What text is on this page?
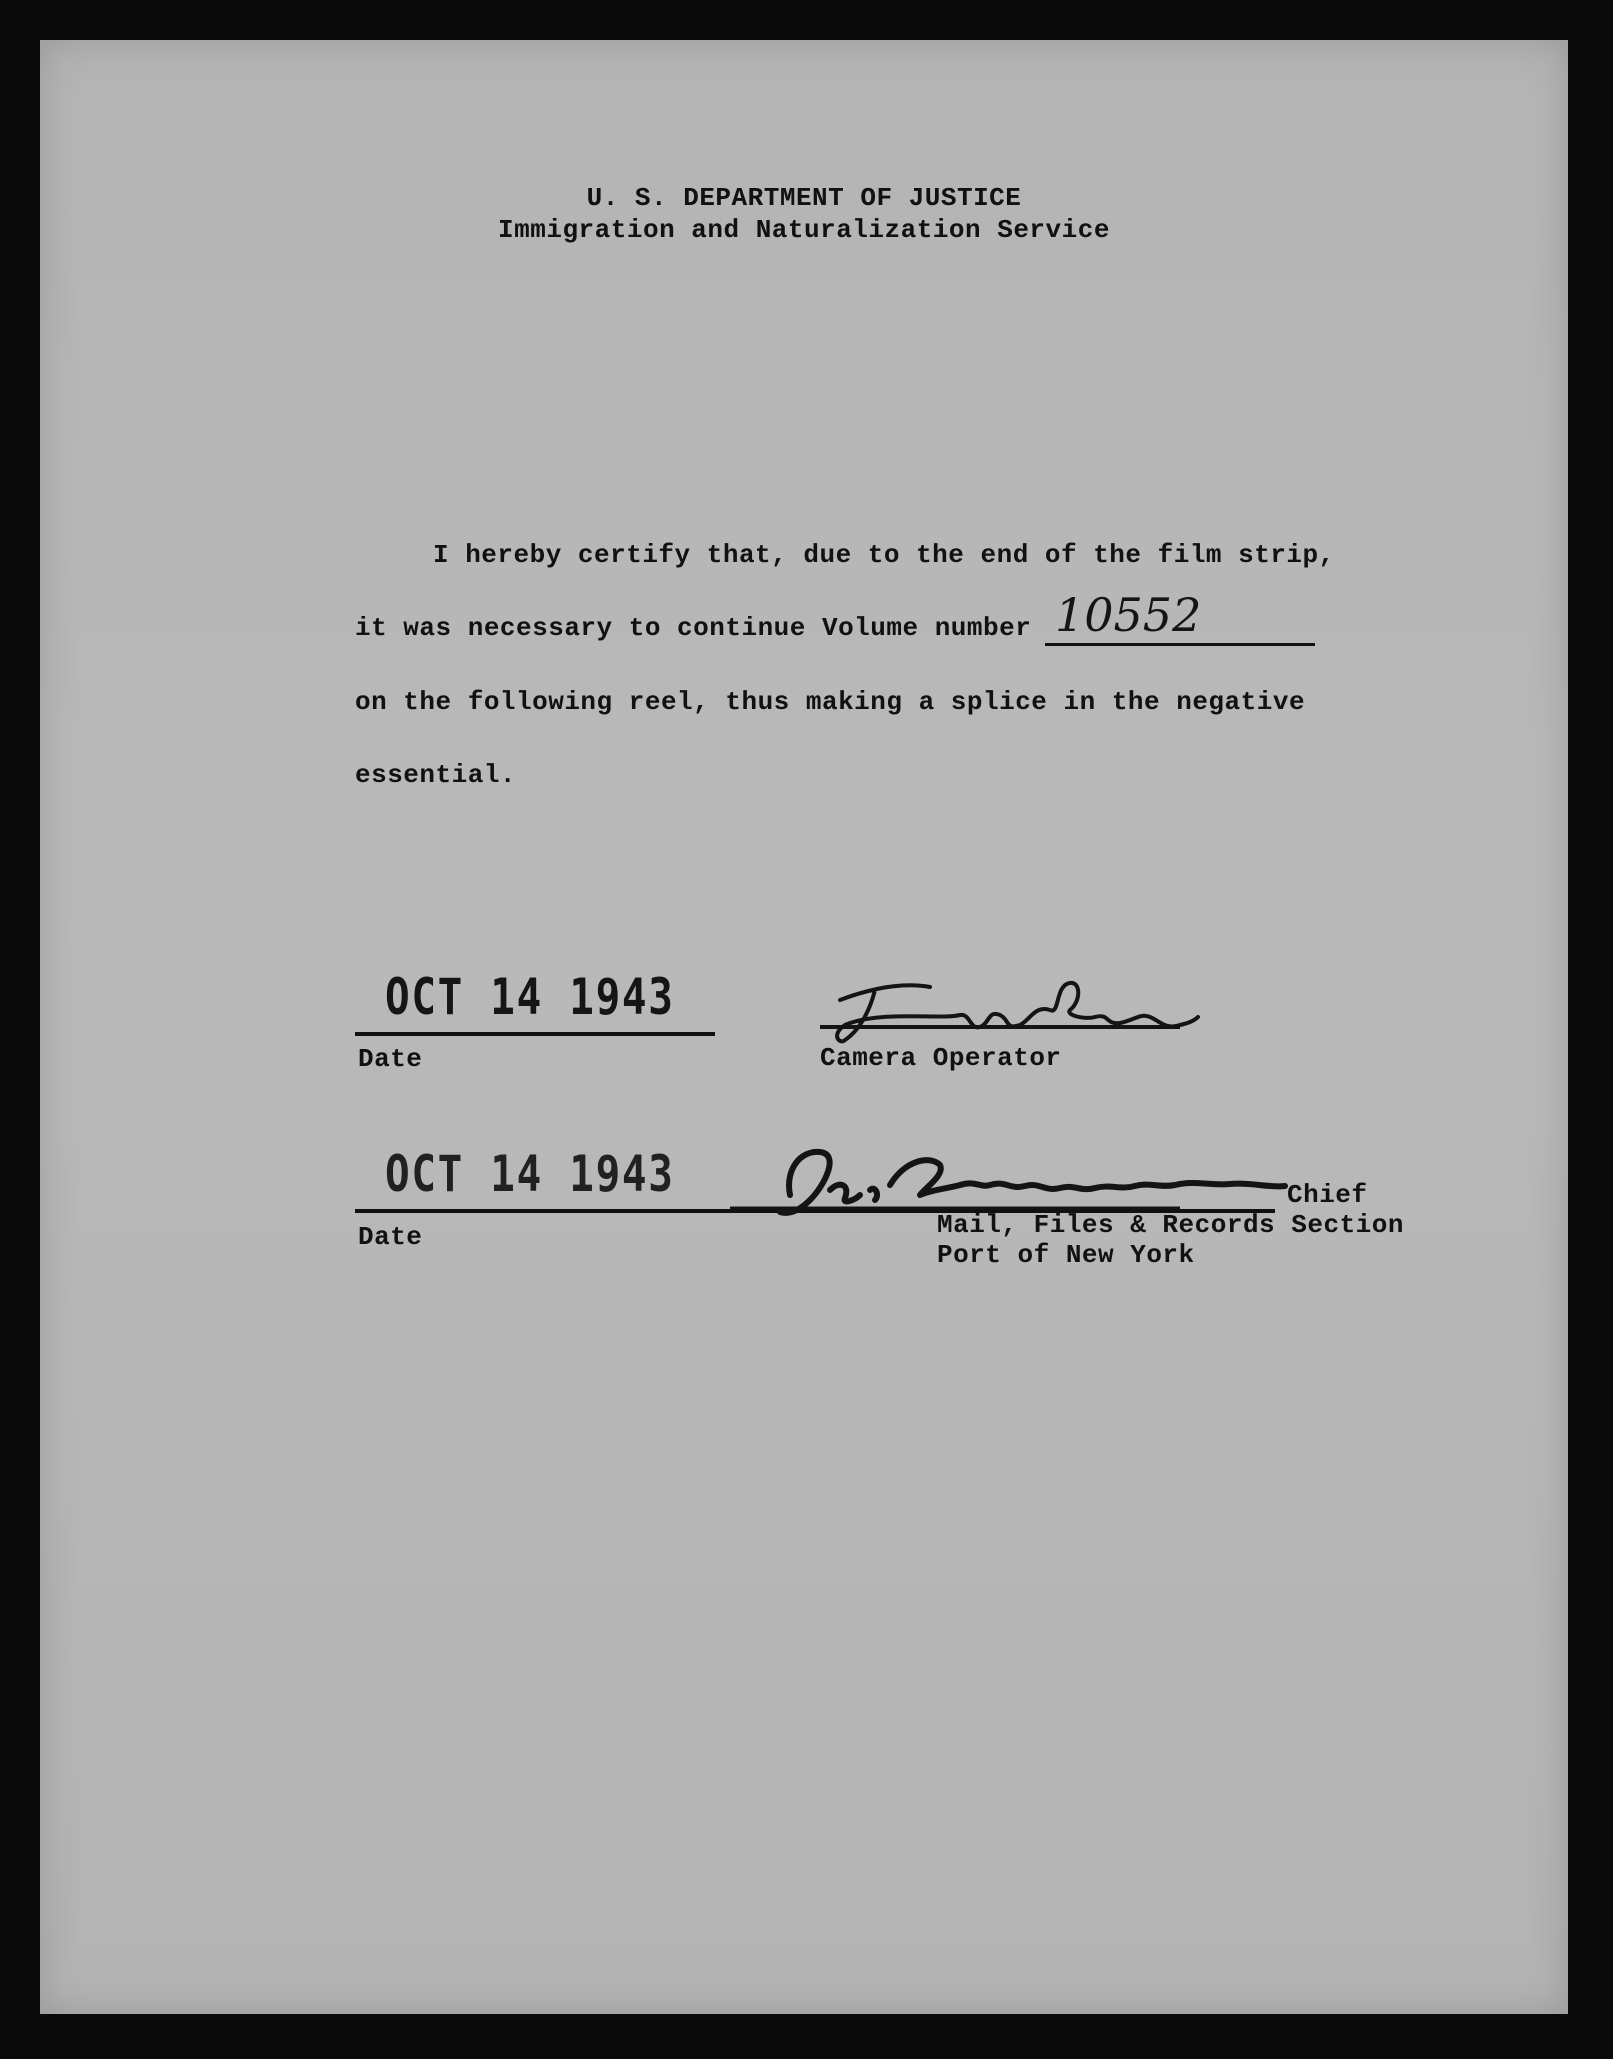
U. S. DEPARTMENT OF JUSTICE
Immigration and Naturalization Service
I hereby certify that, due to the end of the film strip,
it was necessary to continue Volume number 10552
on the following reel, thus making a splice in the negative
essential.
OCT 14 1943
Date	Camera Operator
OCT 14 1943
Date
Chief
Mail, Files & Records Section
Port of New York
